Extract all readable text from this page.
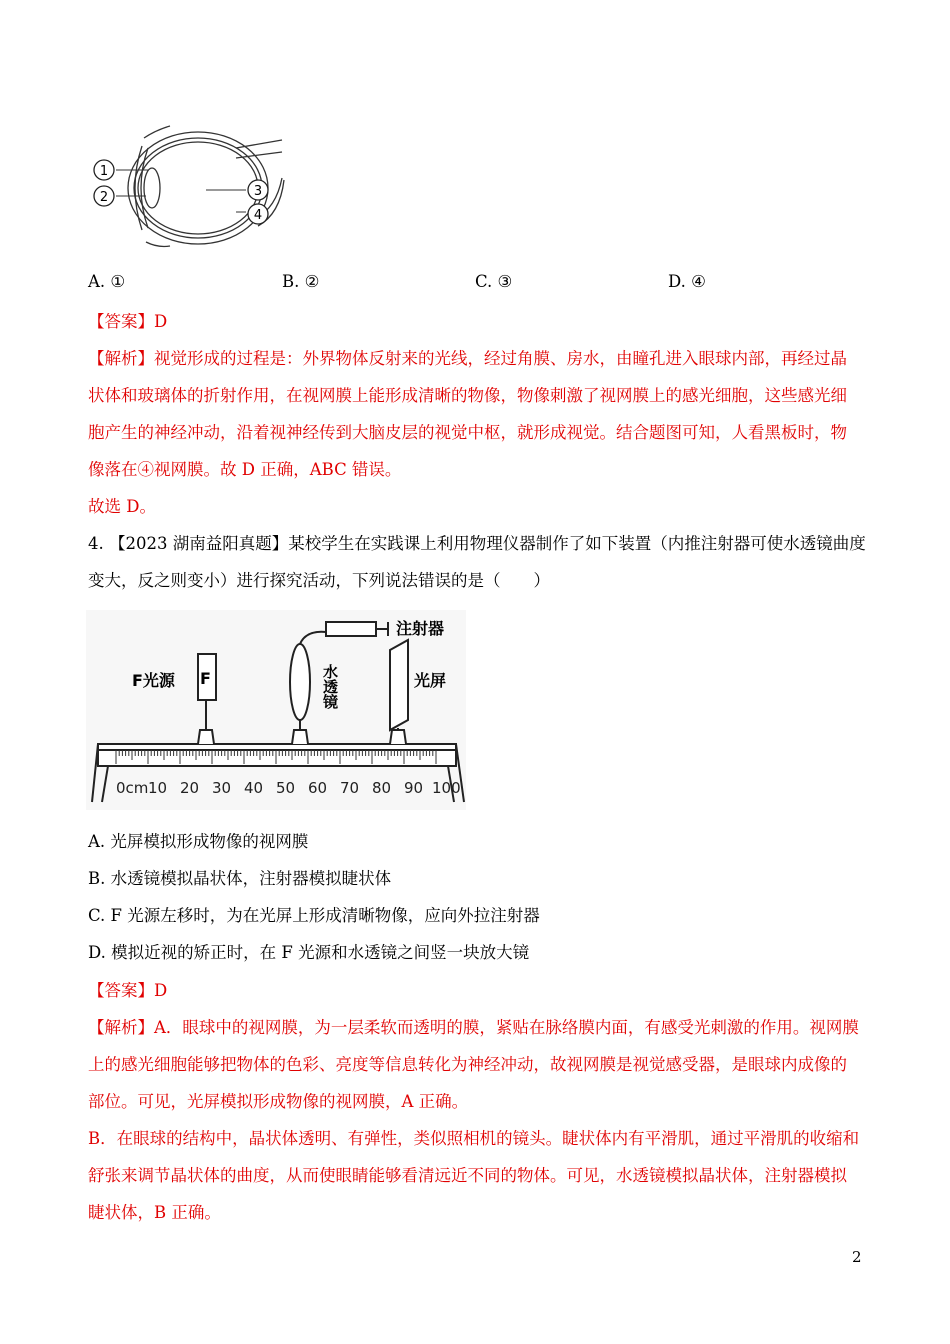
1
2	3
4
A. ①	B. ②	C. ③	D. ④
【答案】D
【解析】视觉形成的过程是：外界物体反射来的光线，经过角膜、房水，由瞳孔进入眼球内部，再经过晶
状体和玻璃体的折射作用，在视网膜上能形成清晰的物像，物像刺激了视网膜上的感光细胞，这些感光细
胞产生的神经冲动，沿着视神经传到大脑皮层的视觉中枢，就形成视觉。结合题图可知，人看黑板时，物
像落在④视网膜。故 D 正确，ABC 错误。
故选 D。
4. 【2023 湖南益阳真题】某校学生在实践课上利用物理仪器制作了如下装置（内推注射器可使水透镜曲度
变大，反之则变小）进行探究活动，下列说法错误的是（　　）
0cm 10 20 30 40 50 60 70 80 90 100
F
F光源	水透镜
注射器
光屏
A. 光屏模拟形成物像的视网膜
B. 水透镜模拟晶状体，注射器模拟睫状体
C. F 光源左移时，为在光屏上形成清晰物像，应向外拉注射器
D. 模拟近视的矫正时，在 F 光源和水透镜之间竖一块放大镜
【答案】D
【解析】A．眼球中的视网膜，为一层柔软而透明的膜，紧贴在脉络膜内面，有感受光刺激的作用。视网膜
上的感光细胞能够把物体的色彩、亮度等信息转化为神经冲动，故视网膜是视觉感受器，是眼球内成像的
部位。可见，光屏模拟形成物像的视网膜，A 正确。
B．在眼球的结构中，晶状体透明、有弹性，类似照相机的镜头。睫状体内有平滑肌，通过平滑肌的收缩和
舒张来调节晶状体的曲度，从而使眼睛能够看清远近不同的物体。可见，水透镜模拟晶状体，注射器模拟
睫状体，B 正确。
2
